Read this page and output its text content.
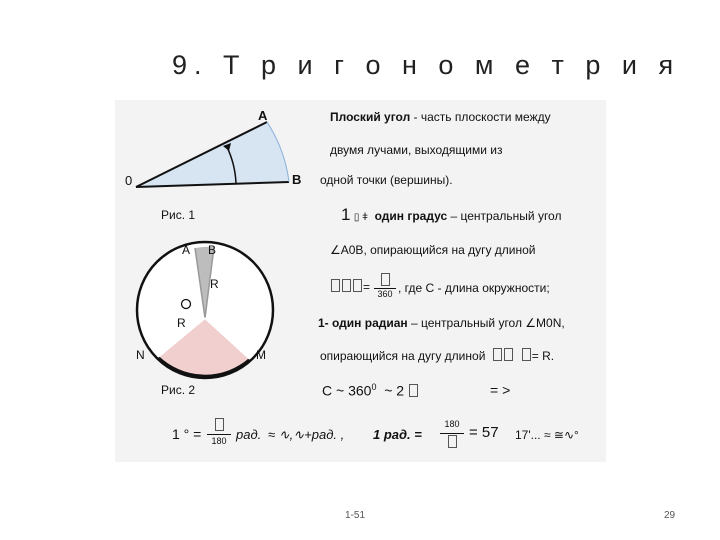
9. Т р и г о н о м е т р и я
A
0	B
Рис. 1
A B
R
R
N	M
Рис. 2
Плоский угол - часть плоскости между
двумя лучами, выходящими из
одной точки (вершины).
1 ▯ ǂ один градус – центральный угол
∠A0B, опирающийся на дугу длиной
= 360 , где С - длина окружности;
1- один радиан – центральный угол ∠M0N,
опирающийся на дугу длиной	= R.
С ~ $360^0$ ~ 2	= >
1 ° =	180 рад. ≈ ∿,∿+рад. , 1 рад. =
180 = 57 17'... ≈ ≅∿°
1-51	29
